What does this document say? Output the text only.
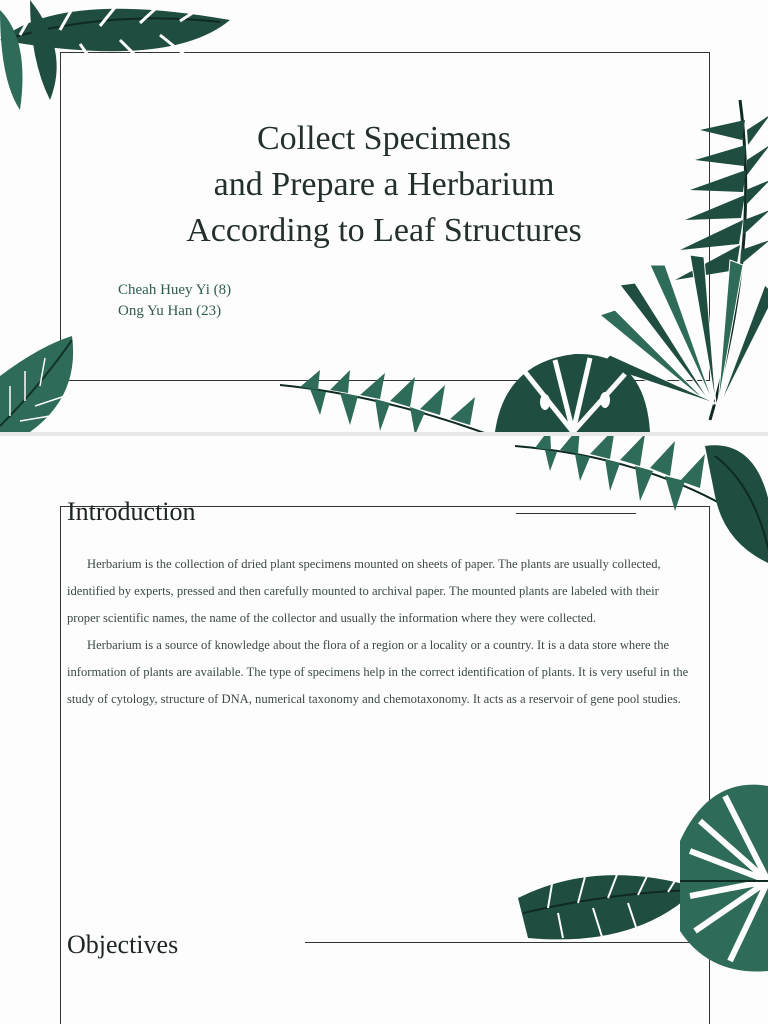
Collect Specimens
and Prepare a Herbarium
According to Leaf Structures
Cheah Huey Yi (8)
Ong Yu Han (23)
Introduction

Herbarium is the collection of dried plant specimens mounted on sheets of paper. The plants are usually collected, identified by experts, pressed and then carefully mounted to archival paper. The mounted plants are labeled with their proper scientific names, the name of the collector and usually the information where they were collected.

Herbarium is a source of knowledge about the flora of a region or a locality or a country. It is a data store where the information of plants are available. The type of specimens help in the correct identification of plants. It is very useful in the study of cytology, structure of DNA, numerical taxonomy and chemotaxonomy. It acts as a reservoir of gene pool studies.

Objectives
